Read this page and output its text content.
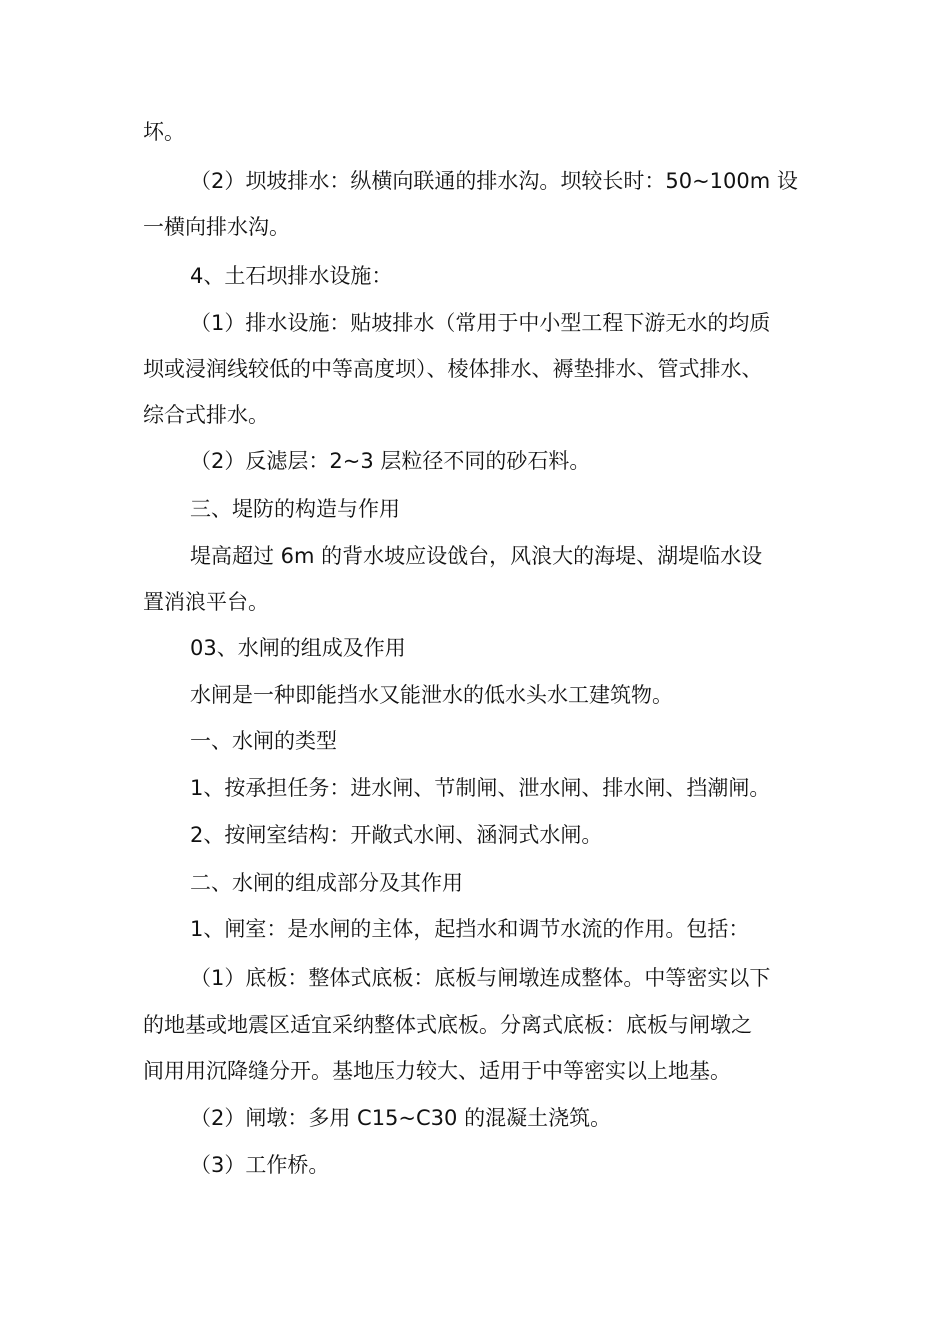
坏。
（2）坝坡排水：纵横向联通的排水沟。坝较长时：50~100m 设
一横向排水沟。
4、土石坝排水设施：
（1）排水设施：贴坡排水（常用于中小型工程下游无水的均质
坝或浸润线较低的中等高度坝）、棱体排水、褥垫排水、管式排水、
综合式排水。
（2）反滤层：2~3 层粒径不同的砂石料。
三、堤防的构造与作用
堤高超过 6m 的背水坡应设戗台，风浪大的海堤、湖堤临水设
置消浪平台。
03、水闸的组成及作用
水闸是一种即能挡水又能泄水的低水头水工建筑物。
一、水闸的类型
1、按承担任务：进水闸、节制闸、泄水闸、排水闸、挡潮闸。
2、按闸室结构：开敞式水闸、涵洞式水闸。
二、水闸的组成部分及其作用
1、闸室：是水闸的主体，起挡水和调节水流的作用。包括：
（1）底板：整体式底板：底板与闸墩连成整体。中等密实以下
的地基或地震区适宜采纳整体式底板。分离式底板：底板与闸墩之
间用用沉降缝分开。基地压力较大、适用于中等密实以上地基。
（2）闸墩：多用 C15~C30 的混凝土浇筑。
（3）工作桥。
